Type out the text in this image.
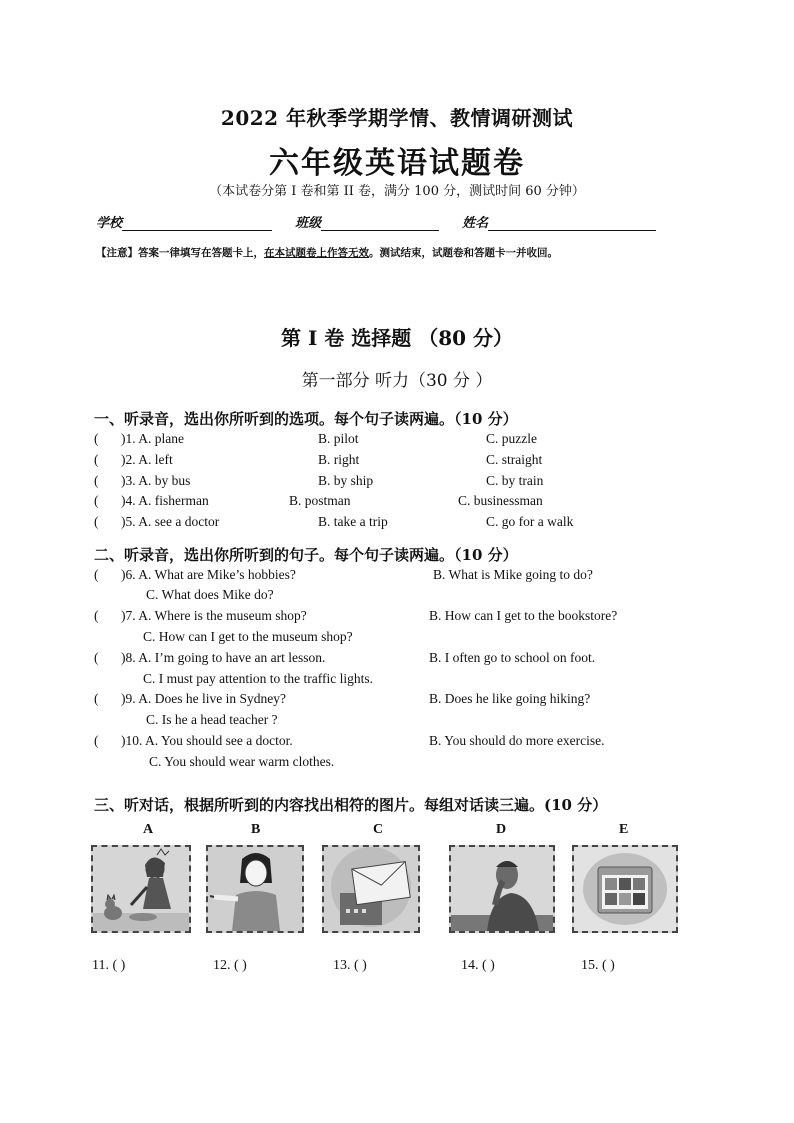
2022 年秋季学期学情、教情调研测试
六年级英语试题卷
（本试卷分第 I 卷和第 II 卷，满分 100 分，测试时间 60 分钟）
学校	班级	姓名
【注意】答案一律填写在答题卡上，在本试题卷上作答无效。测试结束，试题卷和答题卡一并收回。
第 I 卷 选择题 （80 分）
第一部分 听力（30 分 ）
一、听录音，选出你所听到的选项。每个句子读两遍。（10 分）
( )1. A. plane	B. pilot	C. puzzle
( )2. A. left	B. right	C. straight
( )3. A. by bus	B. by ship	C. by train
( )4. A. fisherman	B. postman	C. businessman
( )5. A. see a doctor	B. take a trip	C. go for a walk
二、听录音，选出你所听到的句子。每个句子读两遍。（10 分）
( )6. A. What are Mike’s hobbies?	B. What is Mike going to do?
C. What does Mike do?
( )7. A. Where is the museum shop?	B. How can I get to the bookstore?
C. How can I get to the museum shop?
( )8. A. I’m going to have an art lesson.	B. I often go to school on foot.
C. I must pay attention to the traffic lights.
( )9. A. Does he live in Sydney?	B. Does he like going hiking?
C. Is he a head teacher ?
( )10. A. You should see a doctor.	B. You should do more exercise.
C. You should wear warm clothes.
三、听对话，根据所听到的内容找出相符的图片。每组对话读三遍。(10 分）
A	B	C	D	E
11. ( )	12. ( )	13. ( )	14. ( )	15. ( )
